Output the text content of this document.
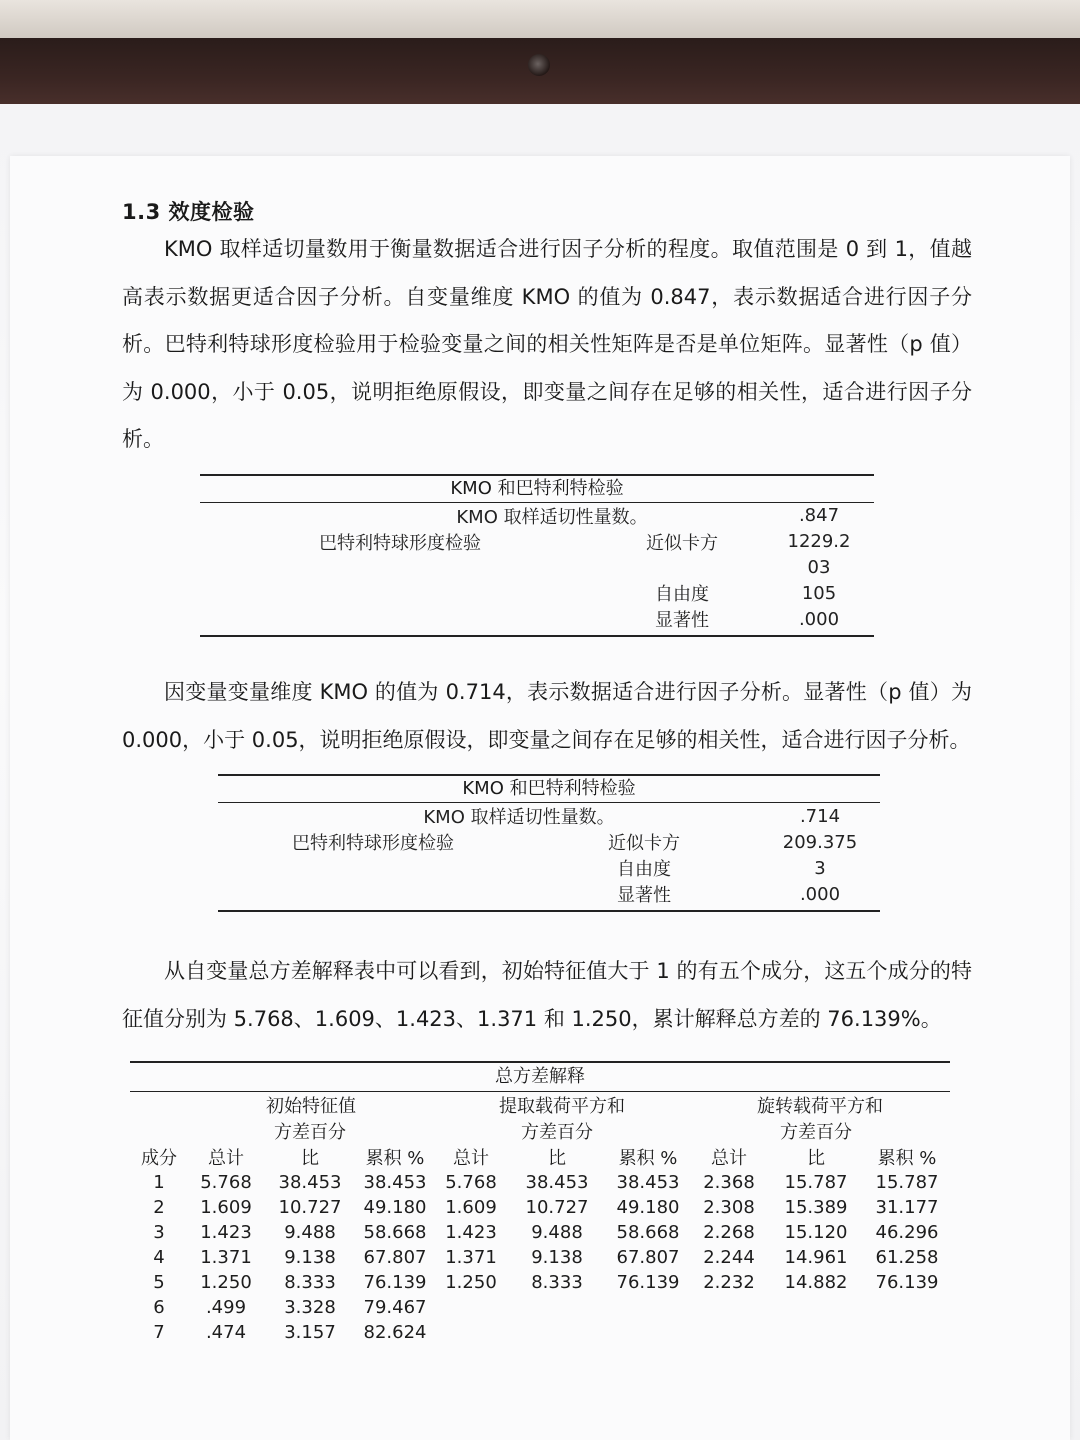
1.3 效度检验

KMO 取样适切量数用于衡量数据适合进行因子分析的程度。取值范围是 0 到 1，值越高表示数据更适合因子分析。自变量维度 KMO 的值为 0.847，表示数据适合进行因子分析。巴特利特球形度检验用于检验变量之间的相关性矩阵是否是单位矩阵。显著性（p 值）为 0.000，小于 0.05，说明拒绝原假设，即变量之间存在足够的相关性，适合进行因子分析。

KMO 和巴特利特检验
KMO 取样适切性量数。		.847
巴特利特球形度检验	近似卡方	1229.2
		03
	自由度	105
	显著性	.000

因变量变量维度 KMO 的值为 0.714，表示数据适合进行因子分析。显著性（p 值）为 0.000，小于 0.05，说明拒绝原假设，即变量之间存在足够的相关性，适合进行因子分析。

KMO 和巴特利特检验
KMO 取样适切性量数。		.714
巴特利特球形度检验	近似卡方	209.375
	自由度	3
	显著性	.000

从自变量总方差解释表中可以看到，初始特征值大于 1 的有五个成分，这五个成分的特征值分别为 5.768、1.609、1.423、1.371 和 1.250，累计解释总方差的 76.139%。

总方差解释
	初始特征值			提取载荷平方和			旋转载荷平方和		
		方差百分			方差百分			方差百分	
成分	总计	比	累积 %	总计	比	累积 %	总计	比	累积 %
1	5.768	38.453	38.453	5.768	38.453	38.453	2.368	15.787	15.787
2	1.609	10.727	49.180	1.609	10.727	49.180	2.308	15.389	31.177
3	1.423	9.488	58.668	1.423	9.488	58.668	2.268	15.120	46.296
4	1.371	9.138	67.807	1.371	9.138	67.807	2.244	14.961	61.258
5	1.250	8.333	76.139	1.250	8.333	76.139	2.232	14.882	76.139
6	.499	3.328	79.467						
7	.474	3.157	82.624						
